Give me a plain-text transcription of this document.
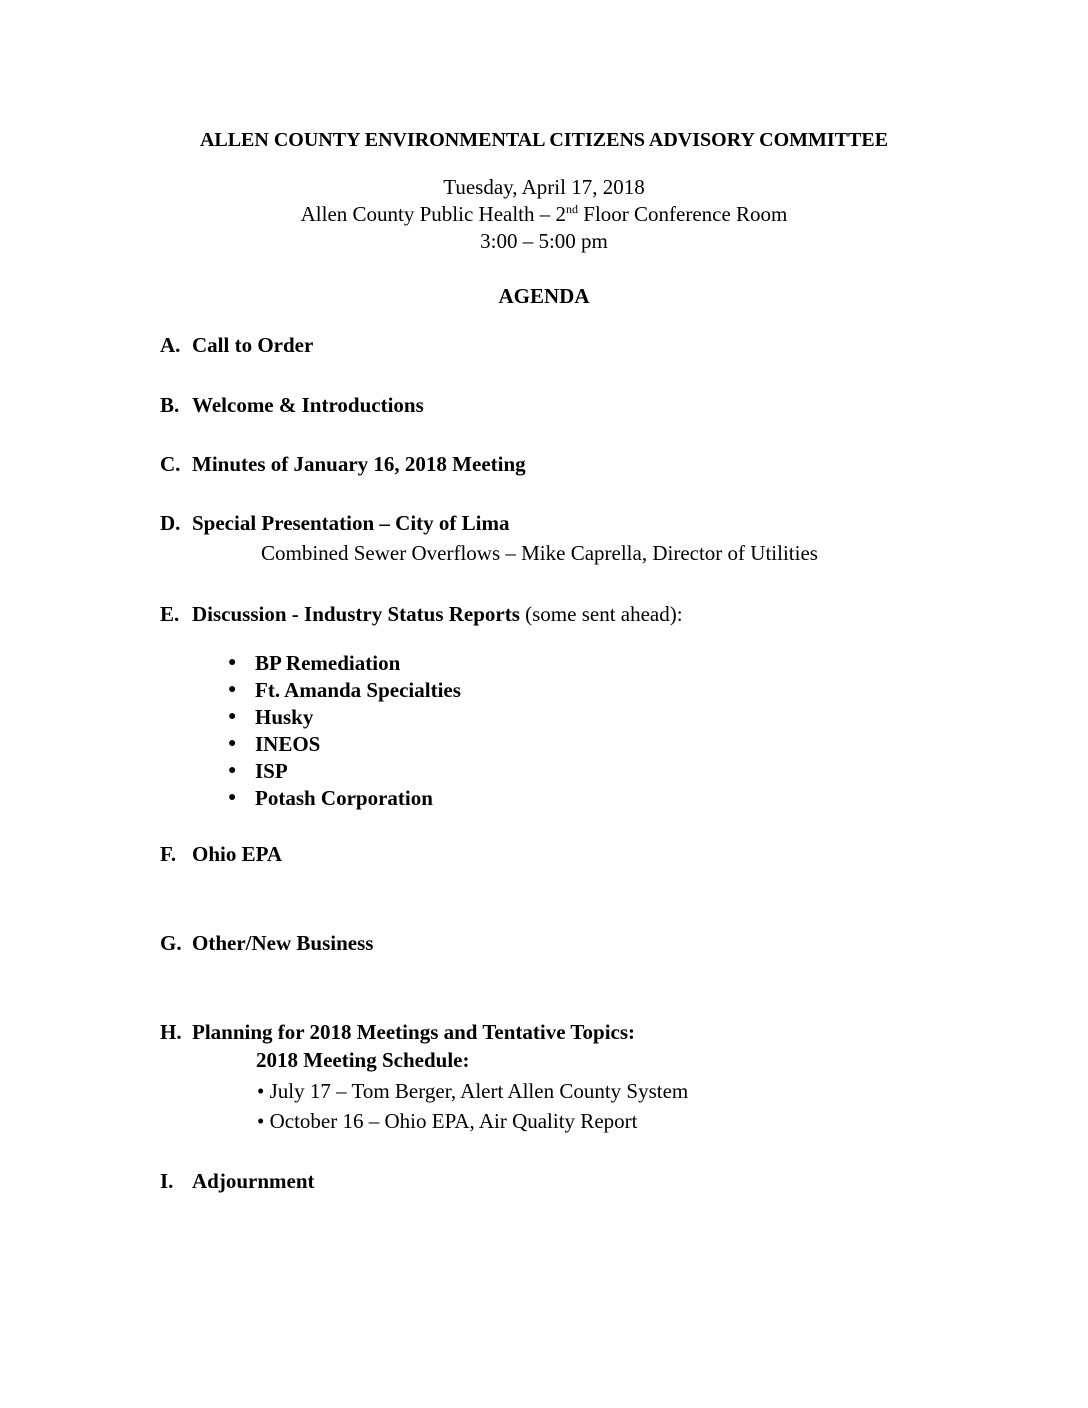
ALLEN COUNTY ENVIRONMENTAL CITIZENS ADVISORY COMMITTEE
Tuesday, April 17, 2018
Allen County Public Health – 2nd Floor Conference Room
3:00 – 5:00 pm
AGENDA
A. Call to Order
B. Welcome & Introductions
C. Minutes of January 16, 2018 Meeting
D. Special Presentation – City of Lima
Combined Sewer Overflows – Mike Caprella, Director of Utilities
E. Discussion - Industry Status Reports (some sent ahead):
● BP Remediation
● Ft. Amanda Specialties
● Husky
● INEOS
● ISP
● Potash Corporation
F. Ohio EPA
G. Other/New Business
H. Planning for 2018 Meetings and Tentative Topics:
2018 Meeting Schedule:
• July 17 – Tom Berger, Alert Allen County System
• October 16 – Ohio EPA, Air Quality Report
I. Adjournment
